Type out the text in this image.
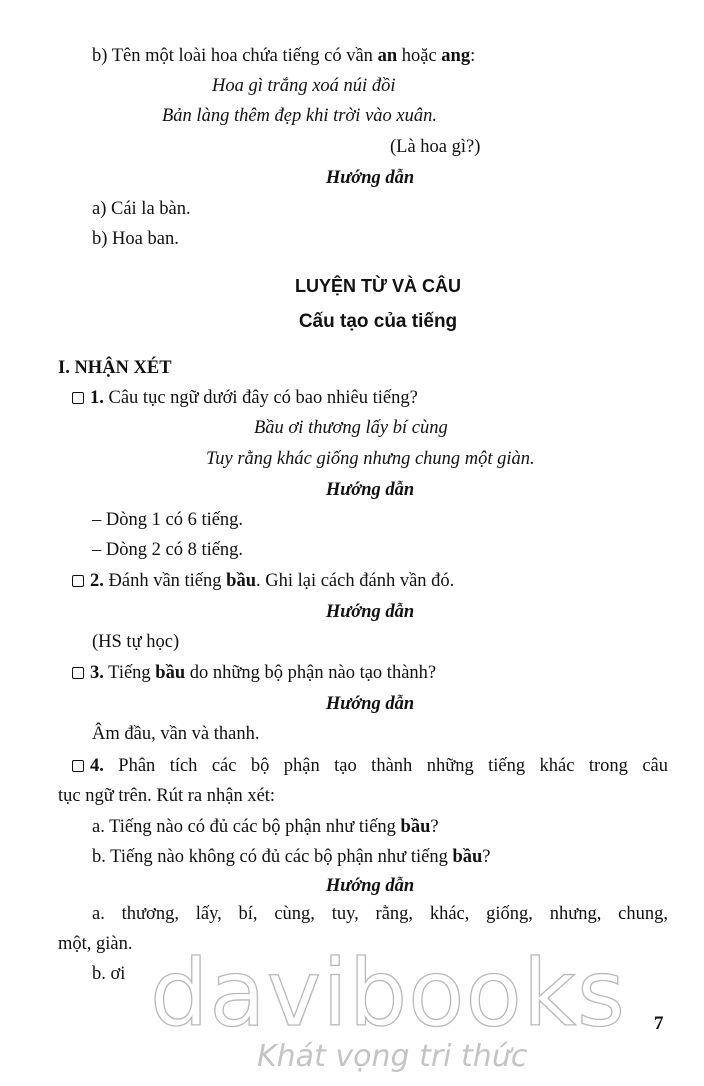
b) Tên một loài hoa chứa tiếng có vần an hoặc ang:
Hoa gì trắng xoá núi đồi
Bản làng thêm đẹp khi trời vào xuân.
(Là hoa gì?)
Hướng dẫn
a) Cái la bàn.
b) Hoa ban.
LUYỆN TỪ VÀ CÂU
Cấu tạo của tiếng
I. NHẬN XÉT
1. Câu tục ngữ dưới đây có bao nhiêu tiếng?
Bầu ơi thương lấy bí cùng
Tuy rằng khác giống nhưng chung một giàn.
Hướng dẫn
– Dòng 1 có 6 tiếng.
– Dòng 2 có 8 tiếng.
2. Đánh vần tiếng bầu. Ghi lại cách đánh vần đó.
Hướng dẫn
(HS tự học)
3. Tiếng bầu do những bộ phận nào tạo thành?
Hướng dẫn
Âm đầu, vần và thanh.
4. Phân tích các bộ phận tạo thành những tiếng khác trong câu
tục ngữ trên. Rút ra nhận xét:
a. Tiếng nào có đủ các bộ phận như tiếng bầu?
b. Tiếng nào không có đủ các bộ phận như tiếng bầu?
Hướng dẫn
a. thương, lấy, bí, cùng, tuy, rằng, khác, giống, nhưng, chung,
một, giàn.
b. ơi davibooks
Khát vọng tri thức
7
